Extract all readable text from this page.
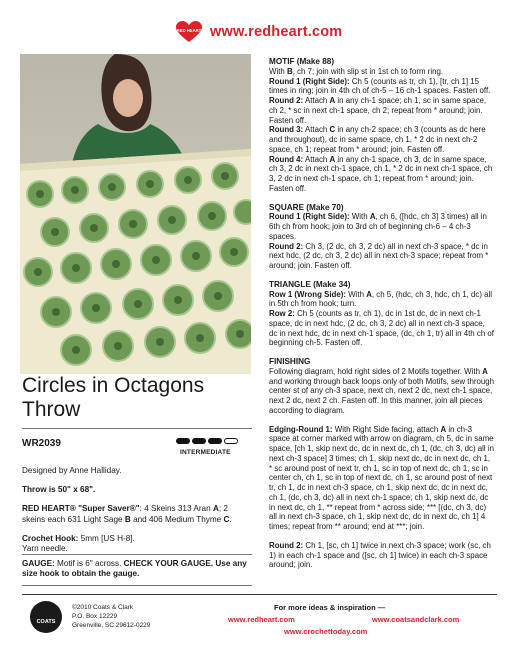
RED HEART www.redheart.com
Circles in Octagons
Throw
WR2039
INTERMEDIATE

Designed by Anne Halliday.

Throw is 50" x 68".

RED HEART® "Super Saver®": 4 Skeins 313 Aran A; 2 skeins each 631 Light Sage B and 406 Medium Thyme C.

Crochet Hook: 5mm [US H-8].
Yarn needle.

GAUGE: Motif is 6" across. CHECK YOUR GAUGE. Use any size hook to obtain the gauge.

MOTIF (Make 88)
With B, ch 7; join with slip st in 1st ch to form ring.
Round 1 (Right Side): Ch 5 (counts as tr, ch 1), [tr, ch 1] 15 times in ring; join in 4th ch of ch-5 – 16 ch-1 spaces. Fasten off.
Round 2: Attach A in any ch-1 space; ch 1, sc in same space, ch 2, * sc in next ch-1 space, ch 2; repeat from * around; join. Fasten off.
Round 3: Attach C in any ch-2 space; ch 3 (counts as dc here and throughout), dc in same space, ch 1, * 2 dc in next ch-2 space, ch 1; repeat from * around; join. Fasten off.
Round 4: Attach A in any ch-1 space, ch 3, dc in same space, ch 3, 2 dc in next ch-1 space, ch 1, * 2 dc in next ch-1 space, ch 3, 2 dc in next ch-1 space, ch 1; repeat from * around; join. Fasten off.
SQUARE (Make 70)
Round 1 (Right Side): With A, ch 6, ([hdc, ch 3] 3 times) all in 6th ch from hook; join to 3rd ch of beginning ch-6 – 4 ch-3 spaces.
Round 2: Ch 3, (2 dc, ch 3, 2 dc) all in next ch-3 space, * dc in next hdc, (2 dc, ch 3, 2 dc) all in next ch-3 space; repeat from * around; join. Fasten off.
TRIANGLE (Make 34)
Row 1 (Wrong Side): With A, ch 5, (hdc, ch 3, hdc, ch 1, dc) all in 5th ch from hook; turn.
Row 2: Ch 5 (counts as tr, ch 1), dc in 1st dc, dc in next ch-1 space, dc in next hdc, (2 dc, ch 3, 2 dc) all in next ch-3 space, dc in next hdc, dc in next ch-1 space, (dc, ch 1, tr) all in 4th ch of beginning ch-5. Fasten off.
FINISHING
Following diagram, hold right sides of 2 Motifs together. With A and working through back loops only of both Motifs, sew through center st of any ch-3 space, next ch, next 2 dc, next ch-1 space, next 2 dc, next 2 ch. Fasten off. In this manner, join all pieces according to diagram.
Edging-Round 1: With Right Side facing, attach A in ch-3 space at corner marked with arrow on diagram, ch 5, dc in same space, [ch 1, skip next dc, dc in next dc, ch 1, (dc, ch 3, dc) all in next ch-3 space] 3 times; ch 1, skip next dc, dc in next dc, ch 1, * sc around post of next tr, ch 1, sc in top of next dc, ch 1, sc in center ch, ch 1, sc in top of next dc, ch 1, sc around post of next tr, ch 1, dc in next ch-3 space, ch 1, skip next dc, dc in next dc, ch 1, (dc, ch 3, dc) all in next ch-1 space; ch 1, skip next dc, dc in next dc, ch 1, ** repeat from * across side; *** [(dc, ch 3, dc) all in next ch-3 space, ch 1, skip next dc, dc in next dc, ch 1] 4 times; repeat from ** around; end at ***; join.
Round 2: Ch 1, [sc, ch 1] twice in next ch-3 space; work (sc, ch 1) in each ch-1 space and ([sc, ch 1] twice) in each ch-3 space around; join.
COATS
©2010 Coats & Clark
P.O. Box 12229
Greenville, SC 29612-0229
For more ideas & inspiration —
www.redheart.com	www.coatsandclark.com
www.crochettoday.com
